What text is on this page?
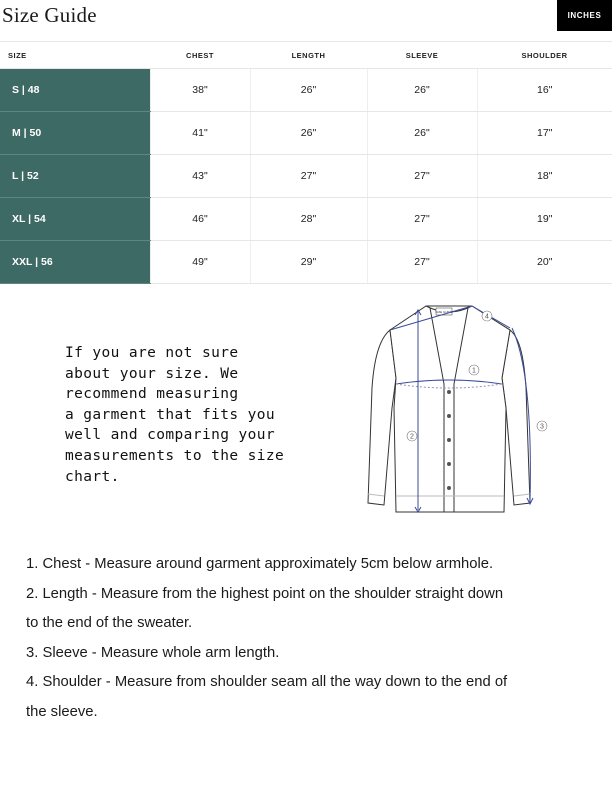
Size Guide	INCHES
SIZE	CHEST	LENGTH	SLEEVE	SHOULDER
S | 48	38"	26"	26"	16"
M | 50	41"	26"	26"	17"
L | 52	43"	27"	27"	18"
XL | 54	46"	28"	27"	19"
XXL | 56	49"	29"	27"	20"

If you are not sure
about your size. We
recommend measuring
a garment that fits you
well and comparing your
measurements to the size
chart.

SIZE GUIDE
1
2
3
4
1. Chest - Measure around garment approximately 5cm below armhole.
2. Length - Measure from the highest point on the shoulder straight down
to the end of the sweater.
3. Sleeve - Measure whole arm length.
4. Shoulder - Measure from shoulder seam all the way down to the end of
the sleeve.
